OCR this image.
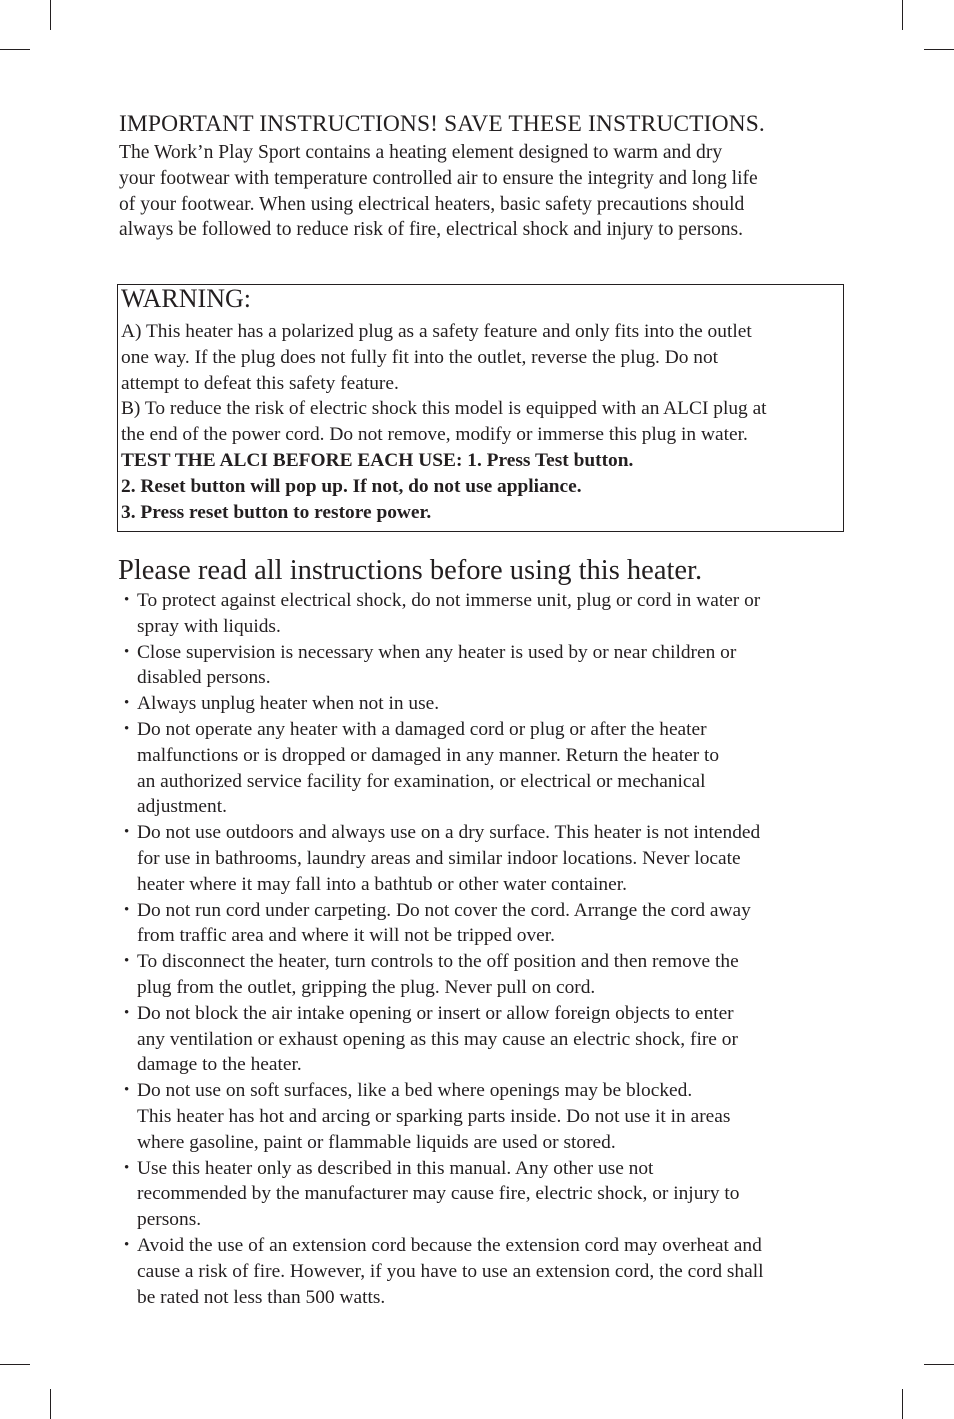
IMPORTANT INSTRUCTIONS! SAVE THESE INSTRUCTIONS.
The Work’n Play Sport contains a heating element designed to warm and dry
your footwear with temperature controlled air to ensure the integrity and long life
of your footwear. When using electrical heaters, basic safety precautions should
always be followed to reduce risk of fire, electrical shock and injury to persons.
WARNING:
A) This heater has a polarized plug as a safety feature and only fits into the outlet
one way. If the plug does not fully fit into the outlet, reverse the plug. Do not
attempt to defeat this safety feature.
B) To reduce the risk of electric shock this model is equipped with an ALCI plug at
the end of the power cord. Do not remove, modify or immerse this plug in water.
TEST THE ALCI BEFORE EACH USE: 1. Press Test button.
2. Reset button will pop up. If not, do not use appliance.
3. Press reset button to restore power.
Please read all instructions before using this heater.
• To protect against electrical shock, do not immerse unit, plug or cord in water or
spray with liquids.
• Close supervision is necessary when any heater is used by or near children or
disabled persons.
• Always unplug heater when not in use.
• Do not operate any heater with a damaged cord or plug or after the heater
malfunctions or is dropped or damaged in any manner. Return the heater to
an authorized service facility for examination, or electrical or mechanical
adjustment.
• Do not use outdoors and always use on a dry surface. This heater is not intended
for use in bathrooms, laundry areas and similar indoor locations. Never locate
heater where it may fall into a bathtub or other water container.
• Do not run cord under carpeting. Do not cover the cord. Arrange the cord away
from traffic area and where it will not be tripped over.
• To disconnect the heater, turn controls to the off position and then remove the
plug from the outlet, gripping the plug. Never pull on cord.
• Do not block the air intake opening or insert or allow foreign objects to enter
any ventilation or exhaust opening as this may cause an electric shock, fire or
damage to the heater.
• Do not use on soft surfaces, like a bed where openings may be blocked.
This heater has hot and arcing or sparking parts inside. Do not use it in areas
where gasoline, paint or flammable liquids are used or stored.
• Use this heater only as described in this manual. Any other use not
recommended by the manufacturer may cause fire, electric shock, or injury to
persons.
• Avoid the use of an extension cord because the extension cord may overheat and
cause a risk of fire. However, if you have to use an extension cord, the cord shall
be rated not less than 500 watts.
